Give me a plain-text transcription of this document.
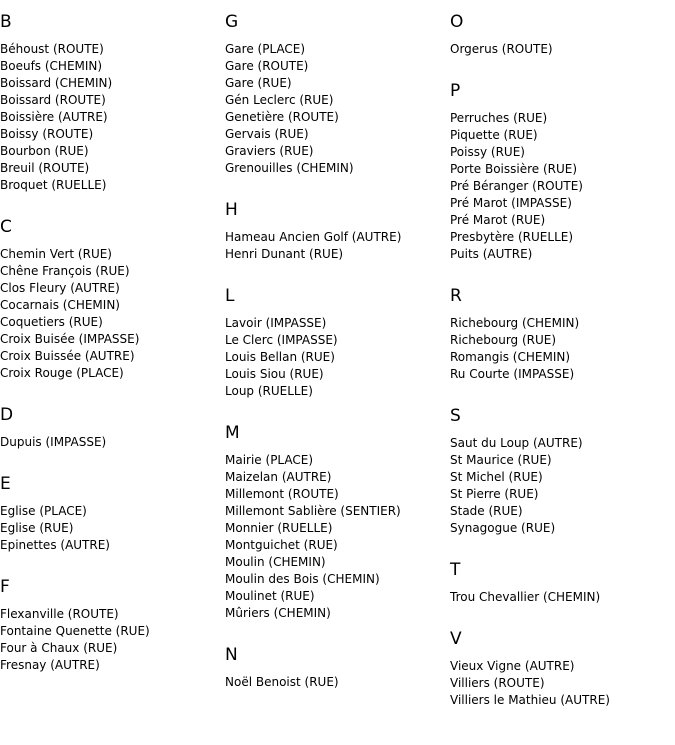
B
Béhoust (ROUTE)
Boeufs (CHEMIN)
Boissard (CHEMIN)
Boissard (ROUTE)
Boissière (AUTRE)
Boissy (ROUTE)
Bourbon (RUE)
Breuil (ROUTE)
Broquet (RUELLE)
C
Chemin Vert (RUE)
Chêne François (RUE)
Clos Fleury (AUTRE)
Cocarnais (CHEMIN)
Coquetiers (RUE)
Croix Buisée (IMPASSE)
Croix Buissée (AUTRE)
Croix Rouge (PLACE)
D
Dupuis (IMPASSE)
E
Eglise (PLACE)
Eglise (RUE)
Epinettes (AUTRE)
F
Flexanville (ROUTE)
Fontaine Quenette (RUE)
Four à Chaux (RUE)
Fresnay (AUTRE)
G
Gare (PLACE)
Gare (ROUTE)
Gare (RUE)
Gén Leclerc (RUE)
Genetière (ROUTE)
Gervais (RUE)
Graviers (RUE)
Grenouilles (CHEMIN)
H
Hameau Ancien Golf (AUTRE)
Henri Dunant (RUE)
L
Lavoir (IMPASSE)
Le Clerc (IMPASSE)
Louis Bellan (RUE)
Louis Siou (RUE)
Loup (RUELLE)
M
Mairie (PLACE)
Maizelan (AUTRE)
Millemont (ROUTE)
Millemont Sablière (SENTIER)
Monnier (RUELLE)
Montguichet (RUE)
Moulin (CHEMIN)
Moulin des Bois (CHEMIN)
Moulinet (RUE)
Mûriers (CHEMIN)
N
Noël Benoist (RUE)
O
Orgerus (ROUTE)
P
Perruches (RUE)
Piquette (RUE)
Poissy (RUE)
Porte Boissière (RUE)
Pré Béranger (ROUTE)
Pré Marot (IMPASSE)
Pré Marot (RUE)
Presbytère (RUELLE)
Puits (AUTRE)
R
Richebourg (CHEMIN)
Richebourg (RUE)
Romangis (CHEMIN)
Ru Courte (IMPASSE)
S
Saut du Loup (AUTRE)
St Maurice (RUE)
St Michel (RUE)
St Pierre (RUE)
Stade (RUE)
Synagogue (RUE)
T
Trou Chevallier (CHEMIN)
V
Vieux Vigne (AUTRE)
Villiers (ROUTE)
Villiers le Mathieu (AUTRE)
